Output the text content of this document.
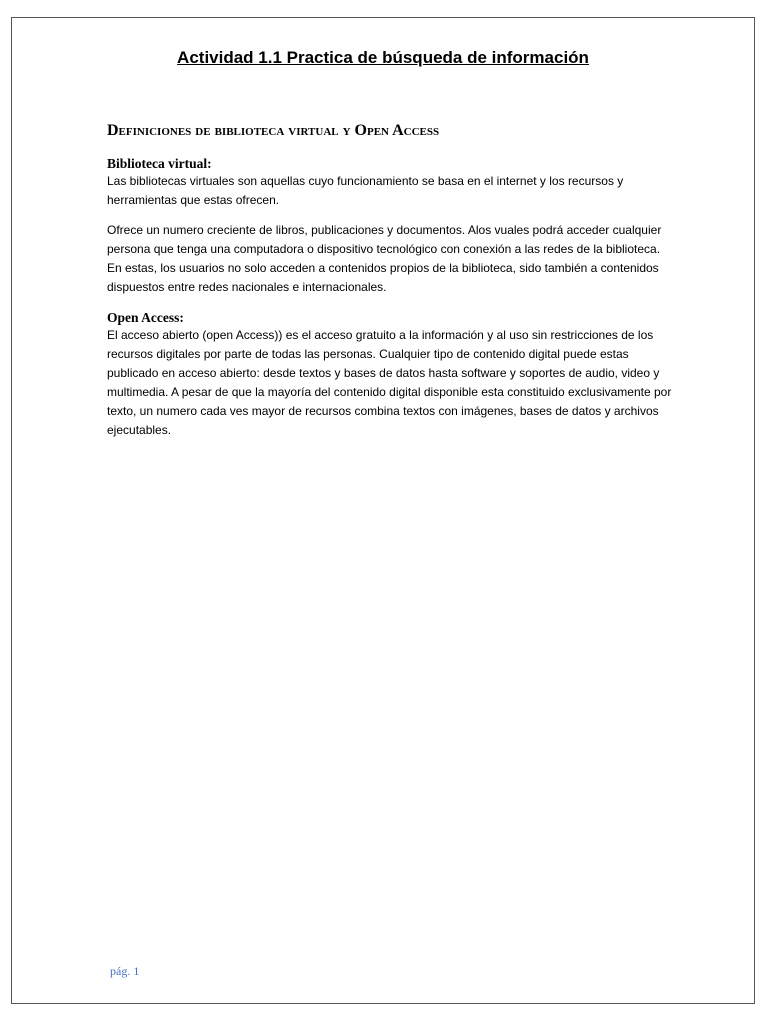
Actividad 1.1 Practica de búsqueda de información
Definiciones de biblioteca virtual y Open Access
Biblioteca virtual:

Las bibliotecas virtuales son aquellas cuyo funcionamiento se basa en el internet y los recursos y herramientas que estas ofrecen.

Ofrece un numero creciente de libros, publicaciones y documentos. Alos vuales podrá acceder cualquier persona que tenga una computadora o dispositivo tecnológico con conexión a las redes de la biblioteca. En estas, los usuarios no solo acceden a contenidos propios de la biblioteca, sido también a contenidos dispuestos entre redes nacionales e internacionales.

Open Access:

El acceso abierto (open Access)) es el acceso gratuito a la información y al uso sin restricciones de los recursos digitales por parte de todas las personas. Cualquier tipo de contenido digital puede estas publicado en acceso abierto: desde textos y bases de datos hasta software y soportes de audio, video y multimedia. A pesar de que la mayoría del contenido digital disponible esta constituido exclusivamente por texto, un numero cada ves mayor de recursos combina textos con imágenes, bases de datos y archivos ejecutables.

pág. 1
